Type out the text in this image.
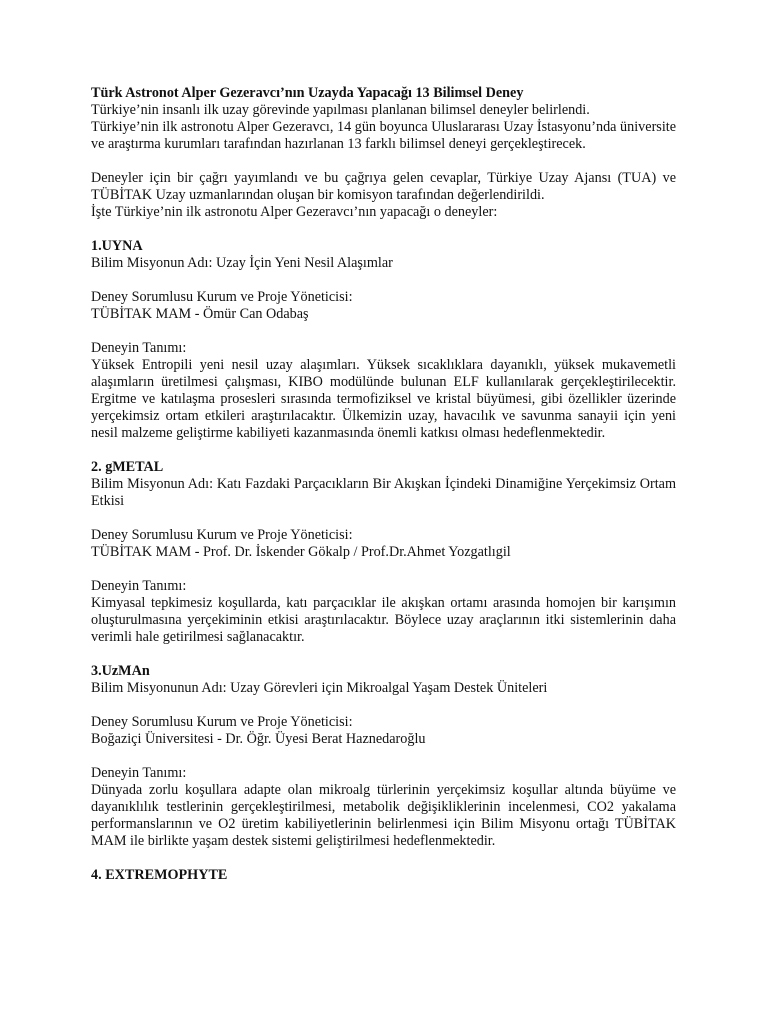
Türk Astronot Alper Gezeravcı’nın Uzayda Yapacağı 13 Bilimsel Deney
Türkiye’nin insanlı ilk uzay görevinde yapılması planlanan bilimsel deneyler belirlendi.
Türkiye’nin ilk astronotu Alper Gezeravcı, 14 gün boyunca Uluslararası Uzay İstasyonu’nda üniversite ve araştırma kurumları tarafından hazırlanan 13 farklı bilimsel deneyi gerçekleştirecek.
Deneyler için bir çağrı yayımlandı ve bu çağrıya gelen cevaplar, Türkiye Uzay Ajansı (TUA) ve TÜBİTAK Uzay uzmanlarından oluşan bir komisyon tarafından değerlendirildi.
İşte Türkiye’nin ilk astronotu Alper Gezeravcı’nın yapacağı o deneyler:
1.UYNA
Bilim Misyonun Adı: Uzay İçin Yeni Nesil Alaşımlar
Deney Sorumlusu Kurum ve Proje Yöneticisi:
TÜBİTAK MAM - Ömür Can Odabaş
Deneyin Tanımı:
Yüksek Entropili yeni nesil uzay alaşımları. Yüksek sıcaklıklara dayanıklı, yüksek mukavemetli alaşımların üretilmesi çalışması, KIBO modülünde bulunan ELF kullanılarak gerçekleştirilecektir. Ergitme ve katılaşma prosesleri sırasında termofiziksel ve kristal büyümesi, gibi özellikler üzerinde yerçekimsiz ortam etkileri araştırılacaktır. Ülkemizin uzay, havacılık ve savunma sanayii için yeni nesil malzeme geliştirme kabiliyeti kazanmasında önemli katkısı olması hedeflenmektedir.
2. gMETAL
Bilim Misyonun Adı: Katı Fazdaki Parçacıkların Bir Akışkan İçindeki Dinamiğine Yerçekimsiz Ortam Etkisi
Deney Sorumlusu Kurum ve Proje Yöneticisi:
TÜBİTAK MAM - Prof. Dr. İskender Gökalp / Prof.Dr.Ahmet Yozgatlıgil
Deneyin Tanımı:
Kimyasal tepkimesiz koşullarda, katı parçacıklar ile akışkan ortamı arasında homojen bir karışımın oluşturulmasına yerçekiminin etkisi araştırılacaktır. Böylece uzay araçlarının itki sistemlerinin daha verimli hale getirilmesi sağlanacaktır.
3.UzMAn
Bilim Misyonunun Adı: Uzay Görevleri için Mikroalgal Yaşam Destek Üniteleri
Deney Sorumlusu Kurum ve Proje Yöneticisi:
Boğaziçi Üniversitesi - Dr. Öğr. Üyesi Berat Haznedaroğlu
Deneyin Tanımı:
Dünyada zorlu koşullara adapte olan mikroalg türlerinin yerçekimsiz koşullar altında büyüme ve dayanıklılık testlerinin gerçekleştirilmesi, metabolik değişikliklerinin incelenmesi, CO2 yakalama performanslarının ve O2 üretim kabiliyetlerinin belirlenmesi için Bilim Misyonu ortağı TÜBİTAK MAM ile birlikte yaşam destek sistemi geliştirilmesi hedeflenmektedir.
4. EXTREMOPHYTE
